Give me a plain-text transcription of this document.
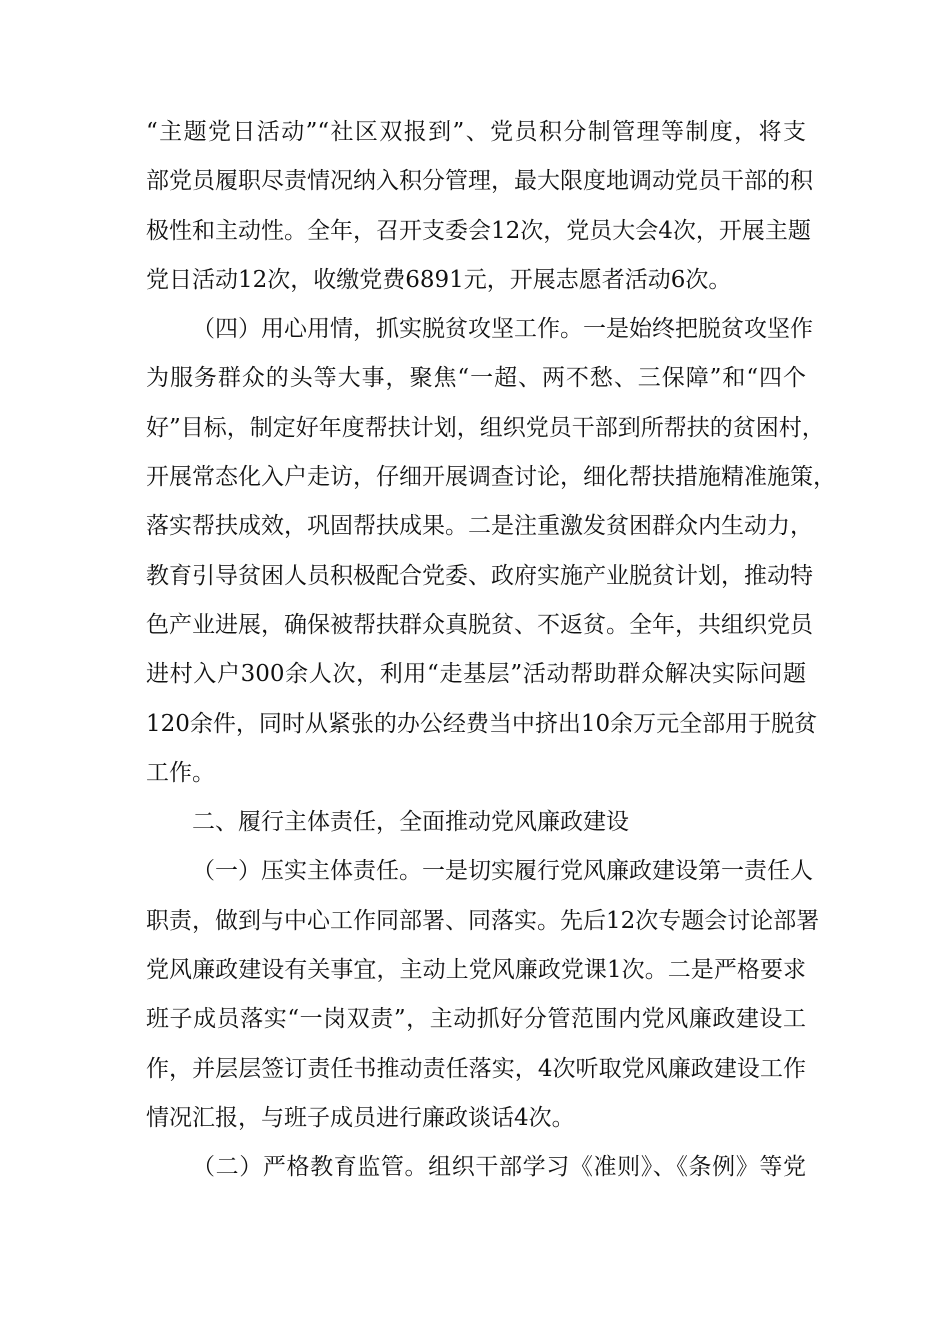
“主题党日活动”“社区双报到”、党员积分制管理等制度，将支
部党员履职尽责情况纳入积分管理，最大限度地调动党员干部的积
极性和主动性。全年，召开支委会12次，党员大会4次，开展主题
党日活动12次，收缴党费6891元，开展志愿者活动6次。
（四）用心用情，抓实脱贫攻坚工作。一是始终把脱贫攻坚作
为服务群众的头等大事，聚焦“一超、两不愁、三保障”和“四个
好”目标，制定好年度帮扶计划，组织党员干部到所帮扶的贫困村，
开展常态化入户走访，仔细开展调查讨论，细化帮扶措施精准施策，
落实帮扶成效，巩固帮扶成果。二是注重激发贫困群众内生动力，
教育引导贫困人员积极配合党委、政府实施产业脱贫计划，推动特
色产业进展，确保被帮扶群众真脱贫、不返贫。全年，共组织党员
进村入户300余人次，利用“走基层”活动帮助群众解决实际问题
120余件，同时从紧张的办公经费当中挤出10余万元全部用于脱贫
工作。
二、履行主体责任，全面推动党风廉政建设
（一）压实主体责任。一是切实履行党风廉政建设第一责任人
职责，做到与中心工作同部署、同落实。先后12次专题会讨论部署
党风廉政建设有关事宜，主动上党风廉政党课1次。二是严格要求
班子成员落实“一岗双责”，主动抓好分管范围内党风廉政建设工
作，并层层签订责任书推动责任落实，4次听取党风廉政建设工作
情况汇报，与班子成员进行廉政谈话4次。
（二）严格教育监管。组织干部学习《准则》、《条例》等党
